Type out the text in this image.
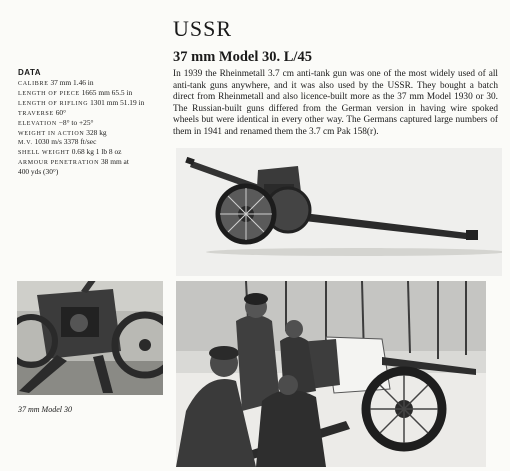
USSR
37 mm Model 30. L/45

In 1939 the Rheinmetall 3.7 cm anti-tank gun was one of the most widely used of all anti-tank guns anywhere, and it was also used by the USSR. They bought a batch direct from Rheinmetall and also licence-built more as the 37 mm Model 1930 or 30. The Russian-built guns differed from the German version in having wire spoked wheels but were identical in every other way. The Germans captured large numbers of them in 1941 and renamed them the 3.7 cm Pak 158(r).

DATA
CALIBRE 37 mm 1.46 in
LENGTH OF PIECE 1665 mm 65.5 in
LENGTH OF RIFLING 1301 mm 51.19 in
TRAVERSE 60°
ELEVATION −8° to +25°
WEIGHT IN ACTION 328 kg
M.V. 1030 m/s 3378 ft/sec
SHELL WEIGHT 0.68 kg 1 lb 8 oz
ARMOUR PENETRATION 38 mm at
400 yds (30°)
37 mm Model 30
